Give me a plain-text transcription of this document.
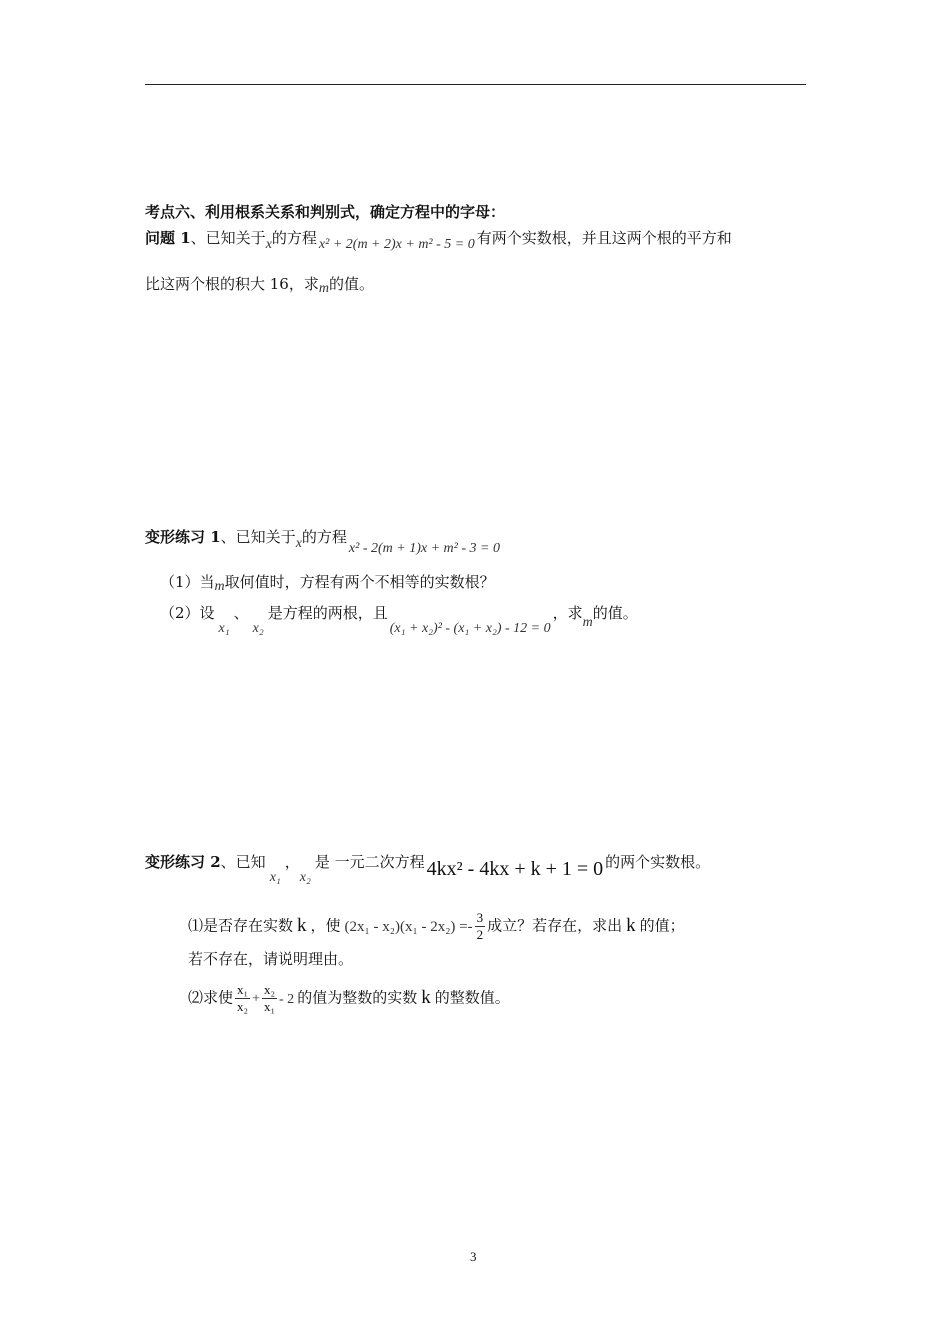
考点六、利用根系关系和判别式，确定方程中的字母：
问题 1、已知关于x的方程 x² + 2(m + 2)x + m² - 5 = 0 有两个实数根，并且这两个根的平方和
比这两个根的积大 16，求m的值。
变形练习 1、已知关于x的方程x² - 2(m + 1)x + m² - 3 = 0
（1）当m取何值时，方程有两个不相等的实数根？
（2）设x₁、x₂是方程的两根，且(x₁ + x₂)² - (x₁ + x₂) - 12 = 0，求m的值。
变形练习 2、已知x₁，x₂是 一元二次方程 4kx² - 4kx + k + 1 = 0 的两个实数根。
⑴是否存在实数 k ，使 $(2x_1 - x_2)(x_1 - 2x_2) =- \frac{3}{2}$ 成立？若存在，求出 k 的值；
若不存在，请说明理由。
⑵求使 $\frac{\text{x₁}}{\text{x₂}} + \frac{\text{x₂}}{\text{x₁}} - 2$ 的值为整数的实数 k 的整数值。
3
